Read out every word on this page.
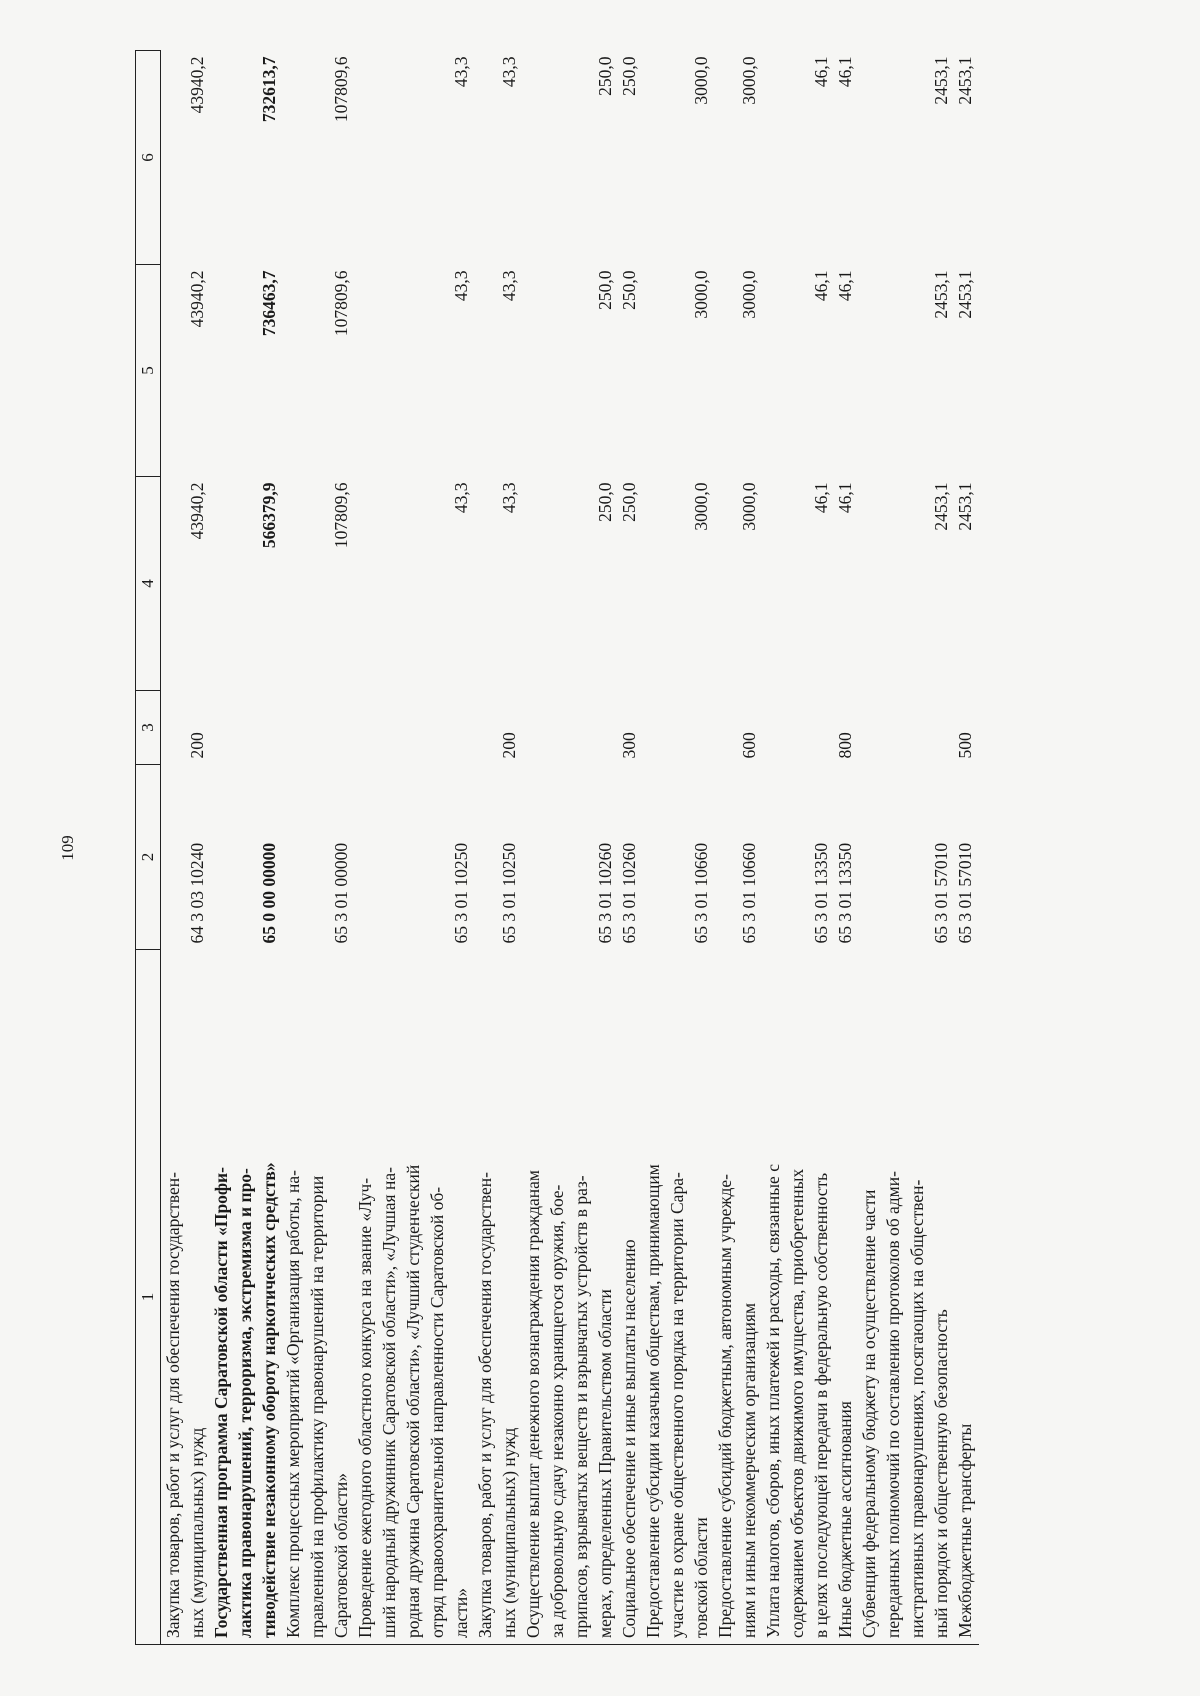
109
1	2	3	4	5	6
Закупка товаров, работ и услуг для обеспечения государствен-
ных (муниципальных) нужд	64 3 03 10240	200	43940,2	43940,2	43940,2
Государственная программа Саратовской области «Профи-
лактика правонарушений, терроризма, экстремизма и про-
тиводействие незаконному обороту наркотических средств»	65 0 00 00000		566379,9	736463,7	732613,7
Комплекс процессных мероприятий «Организация работы, на-
правленной на профилактику правонарушений на территории
Саратовской области»	65 3 01 00000		107809,6	107809,6	107809,6
Проведение ежегодного областного конкурса на звание «Луч-
ший народный дружинник Саратовской области», «Лучшая на-
родная дружина Саратовской области», «Лучший студенческий
отряд правоохранительной направленности Саратовской об-
ласти»	65 3 01 10250		43,3	43,3	43,3
Закупка товаров, работ и услуг для обеспечения государствен-
ных (муниципальных) нужд	65 3 01 10250	200	43,3	43,3	43,3
Осуществление выплат денежного вознаграждения гражданам
за добровольную сдачу незаконно хранящегося оружия, боe-
припасов, взрывчатых веществ и взрывчатых устройств в раз-
мерах, определенных Правительством области	65 3 01 10260		250,0	250,0	250,0
Социальное обеспечение и иные выплаты населению	65 3 01 10260	300	250,0	250,0	250,0
Предоставление субсидии казачьим обществам, принимающим
участие в охране общественного порядка на территории Сара-
товской области	65 3 01 10660		3000,0	3000,0	3000,0
Предоставление субсидий бюджетным, автономным учрежде-
ниям и иным некоммерческим организациям	65 3 01 10660	600	3000,0	3000,0	3000,0
Уплата налогов, сборов, иных платежей и расходы, связанные с
содержанием объектов движимого имущества, приобретенных
в целях последующей передачи в федеральную собственность	65 3 01 13350		46,1	46,1	46,1
Иные бюджетные ассигнования	65 3 01 13350	800	46,1	46,1	46,1
Субвенции федеральному бюджету на осуществление части
переданных полномочий по составлению протоколов об адми-
нистративных правонарушениях, посягающих на обществен-
ный порядок и общественную безопасность	65 3 01 57010		2453,1	2453,1	2453,1
Межбюджетные трансферты	65 3 01 57010	500	2453,1	2453,1	2453,1
